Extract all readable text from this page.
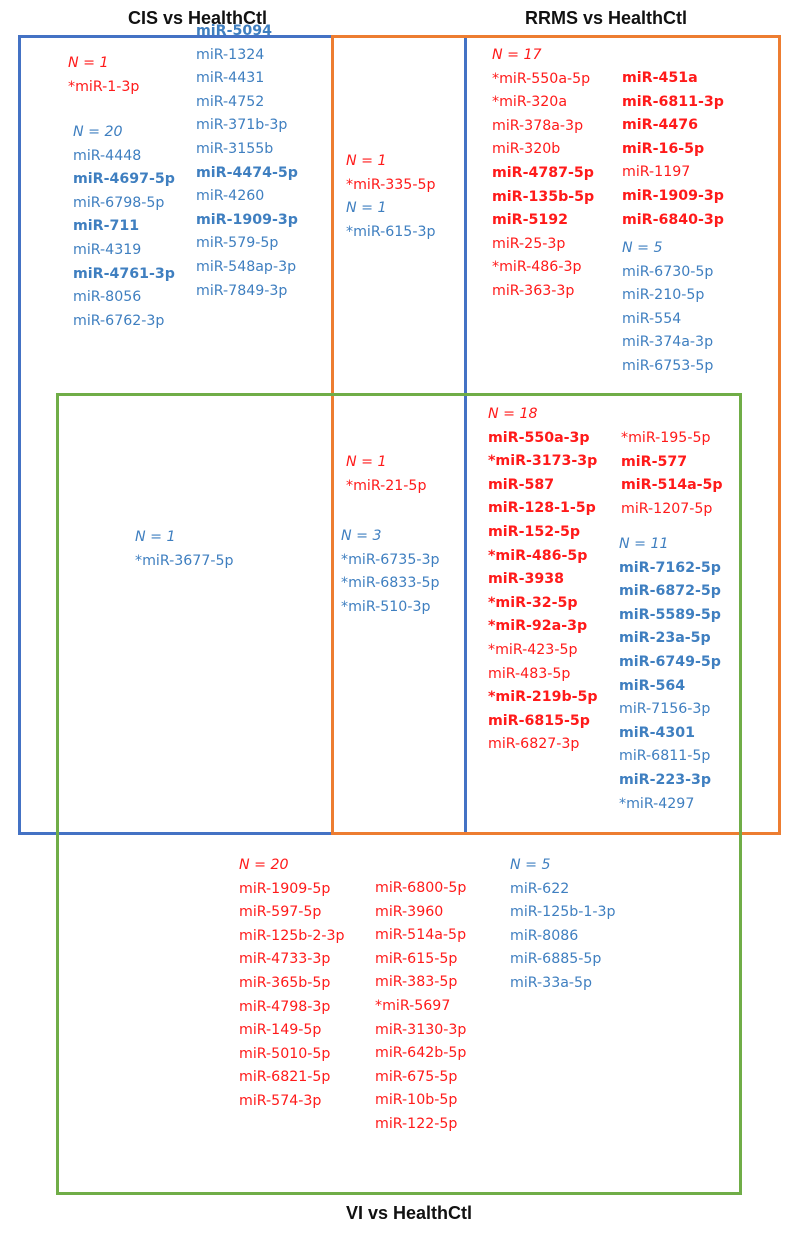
CIS vs HealthCtl	RRMS vs HealthCtl
VI vs HealthCtl
N = 1
*miR-1-3p
N = 20
miR-4448
miR-4697-5p
miR-6798-5p
miR-711
miR-4319
miR-4761-3p
miR-8056
miR-6762-3p
miR-5094
miR-1324
miR-4431
miR-4752
miR-371b-3p
miR-3155b
miR-4474-5p
miR-4260
miR-1909-3p
miR-579-5p
miR-548ap-3p
miR-7849-3p
N = 1
*miR-335-5p
N = 1
*miR-615-3p
N = 17
*miR-550a-5p
*miR-320a
miR-378a-3p
miR-320b
miR-4787-5p
miR-135b-5p
miR-5192
miR-25-3p
*miR-486-3p
miR-363-3p
miR-451a
miR-6811-3p
miR-4476
miR-16-5p
miR-1197
miR-1909-3p
miR-6840-3p
N = 5
miR-6730-5p
miR-210-5p
miR-554
miR-374a-3p
miR-6753-5p
N = 1
*miR-3677-5p
N = 1
*miR-21-5p
N = 3
*miR-6735-3p
*miR-6833-5p
*miR-510-3p
N = 18
miR-550a-3p
*miR-3173-3p
miR-587
miR-128-1-5p
miR-152-5p
*miR-486-5p
miR-3938
*miR-32-5p
*miR-92a-3p
*miR-423-5p
miR-483-5p
*miR-219b-5p
miR-6815-5p
miR-6827-3p
*miR-195-5p
miR-577
miR-514a-5p
miR-1207-5p
N = 11
miR-7162-5p
miR-6872-5p
miR-5589-5p
miR-23a-5p
miR-6749-5p
miR-564
miR-7156-3p
miR-4301
miR-6811-5p
miR-223-3p
*miR-4297
N = 20
miR-1909-5p
miR-597-5p
miR-125b-2-3p
miR-4733-3p
miR-365b-5p
miR-4798-3p
miR-149-5p
miR-5010-5p
miR-6821-5p
miR-574-3p
miR-6800-5p
miR-3960
miR-514a-5p
miR-615-5p
miR-383-5p
*miR-5697
miR-3130-3p
miR-642b-5p
miR-675-5p
miR-10b-5p
miR-122-5p
N = 5
miR-622
miR-125b-1-3p
miR-8086
miR-6885-5p
miR-33a-5p
